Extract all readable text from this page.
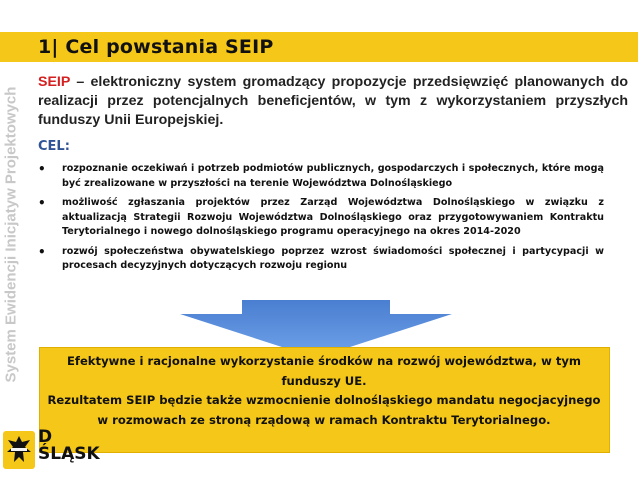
1| Cel powstania SEIP
System Ewidencji Inicjatyw Projektowych
SEIP – elektroniczny system gromadzący propozycje przedsięwzięć planowanych do realizacji przez potencjalnych beneficjentów, w tym z wykorzystaniem przyszłych funduszy Unii Europejskiej.
CEL:
• rozpoznanie oczekiwań i potrzeb podmiotów publicznych, gospodarczych i społecznych, które mogą być zrealizowane w przyszłości na terenie Województwa Dolnośląskiego
• możliwość zgłaszania projektów przez Zarząd Województwa Dolnośląskiego w związku z aktualizacją Strategii Rozwoju Województwa Dolnośląskiego oraz przygotowywaniem Kontraktu Terytorialnego i nowego dolnośląskiego programu operacyjnego na okres 2014-2020
• rozwój społeczeństwa obywatelskiego poprzez wzrost świadomości społecznej i partycypacji w procesach decyzyjnych dotyczących rozwoju regionu
Efektywne i racjonalne wykorzystanie środków na rozwój województwa, w tym funduszy UE.
Rezultatem SEIP będzie także wzmocnienie dolnośląskiego mandatu negocjacyjnego w rozmowach ze stroną rządową w ramach Kontraktu Terytorialnego.
D
ŚLĄSK
